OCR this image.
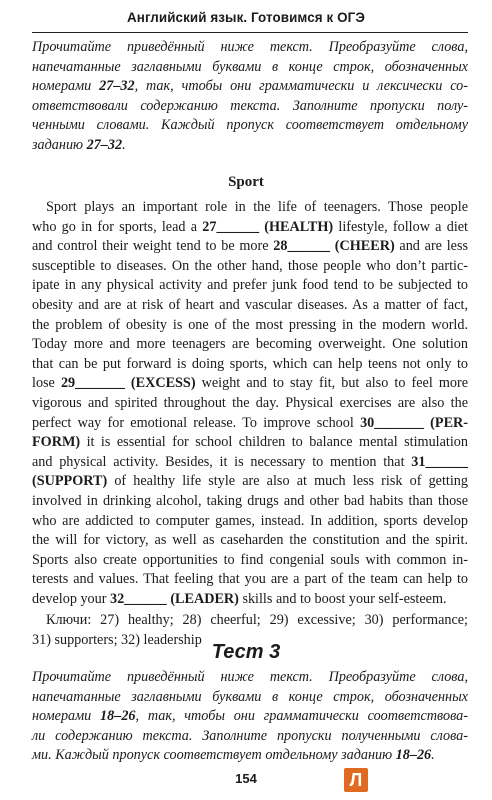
Английский язык. Готовимся к ОГЭ
Прочитайте приведённый ниже текст. Преобразуйте слова,
напечатанные заглавными буквами в конце строк, обозначенных
номерами 27–32, так, чтобы они грамматически и лексически со-
ответствовали содержанию текста. Заполните пропуски полу-
ченными словами. Каждый пропуск соответствует отдельному
заданию 27–32.
Sport
Sport plays an important role in the life of teenagers. Those people
who go in for sports, lead a 27______ (HEALTH) lifestyle, follow a diet
and control their weight tend to be more 28______ (CHEER) and are less
susceptible to diseases. On the other hand, those people who don’t partic-
ipate in any physical activity and prefer junk food tend to be subjected to
obesity and are at risk of heart and vascular diseases. As a matter of fact,
the problem of obesity is one of the most pressing in the modern world.
Today more and more teenagers are becoming overweight. One solution
that can be put forward is doing sports, which can help teens not only to
lose 29_______ (EXCESS) weight and to stay fit, but also to feel more
vigorous and spirited throughout the day. Physical exercises are also the
perfect way for emotional release. To improve school 30_______ (PER-
FORM) it is essential for school children to balance mental stimulation
and physical activity. Besides, it is necessary to mention that 31______
(SUPPORT) of healthy life style are also at much less risk of getting
involved in drinking alcohol, taking drugs and other bad habits than those
who are addicted to computer games, instead. In addition, sports develop
the will for victory, as well as caseharden the constitution and the spirit.
Sports also create opportunities to find congenial souls with common in-
terests and values. That feeling that you are a part of the team can help to
develop your 32______ (LEADER) skills and to boost your self-esteem.
Ключи: 27) healthy; 28) cheerful; 29) excessive; 30) performance;
31) supporters; 32) leadership
Тест 3
Прочитайте приведённый ниже текст. Преобразуйте слова,
напечатанные заглавными буквами в конце строк, обозначенных
номерами 18–26, так, чтобы они грамматически соответствова-
ли содержанию текста. Заполните пропуски полученными слова-
ми. Каждый пропуск соответствует отдельному заданию 18–26.
154	Л
